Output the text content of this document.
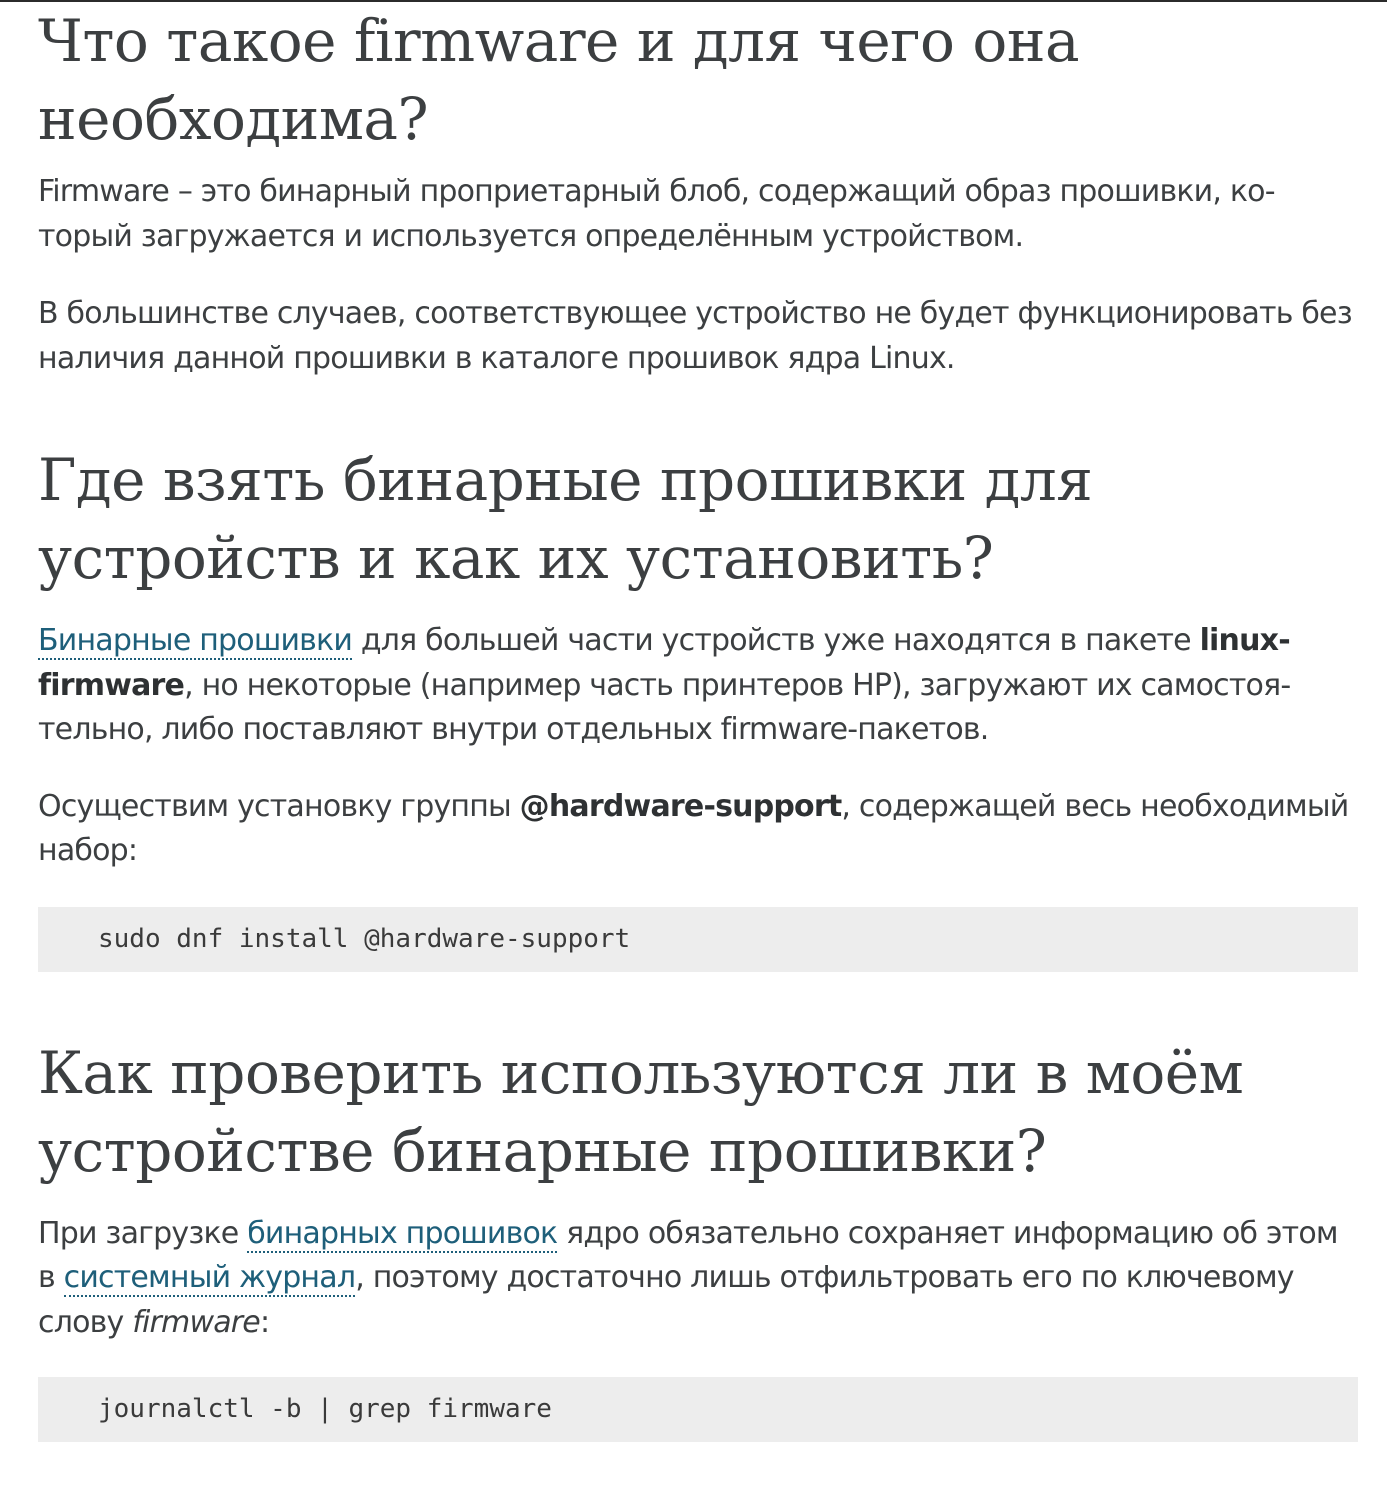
Что такое firmware и для чего она необходима?

Firmware – это бинарный проприетарный блоб, содержащий образ прошивки, который загружается и используется определённым устройством.

В большинстве случаев, соответствующее устройство не будет функционировать без наличия данной прошивки в каталоге прошивок ядра Linux.

Где взять бинарные прошивки для устройств и как их установить?

Бинарные прошивки для большей части устройств уже находятся в пакете linux-firmware, но некоторые (например часть принтеров HP), загружают их самостоятельно, либо поставляют внутри отдельных firmware-пакетов.

Осуществим установку группы @hardware-support, содержащей весь необходимый набор:

sudo dnf install @hardware-support
Как проверить используются ли в моём устройстве бинарные прошивки?

При загрузке бинарных прошивок ядро обязательно сохраняет информацию об этом в системный журнал, поэтому достаточно лишь отфильтровать его по ключевому слову firmware:

journalctl -b | grep firmware
